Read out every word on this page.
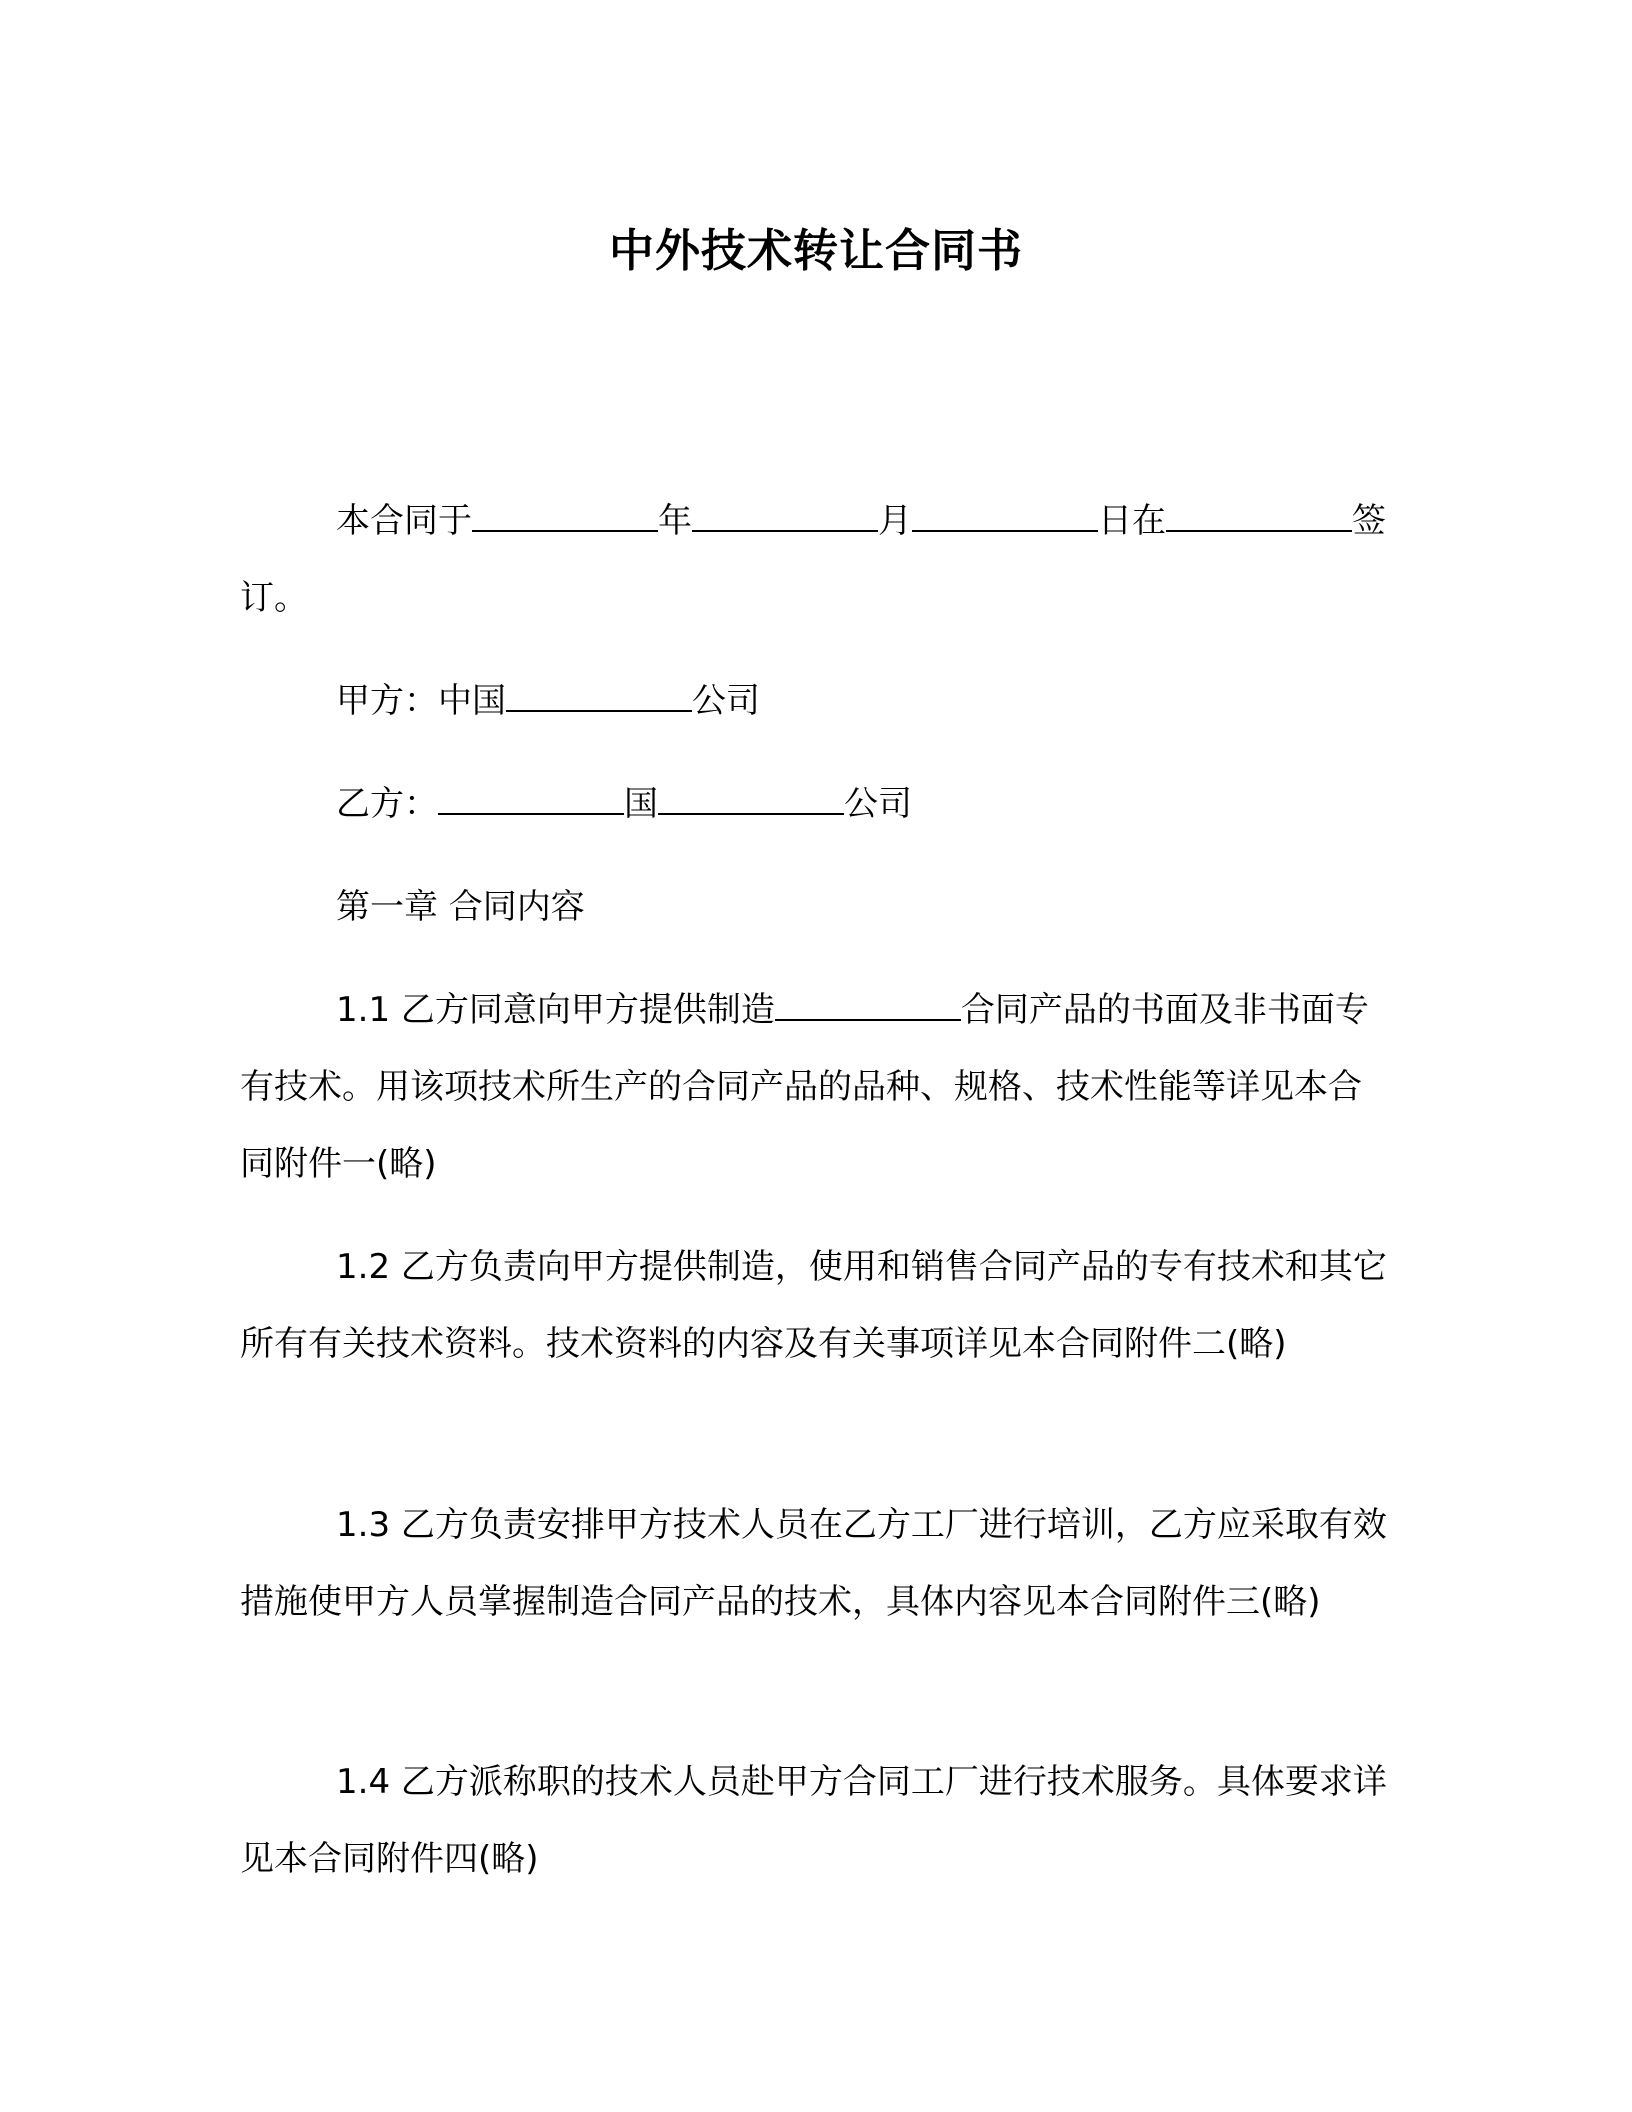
中外技术转让合同书

本合同于	年	月	日在	签订。

甲方：中国	公司

乙方：	国	公司

第一章 合同内容

1.1 乙方同意向甲方提供制造	合同产品的书面及非书面专有技术。用该项技术所生产的合同产品的品种、规格、技术性能等详见本合同附件一(略)

1.2 乙方负责向甲方提供制造，使用和销售合同产品的专有技术和其它所有有关技术资料。技术资料的内容及有关事项详见本合同附件二(略)

1.3 乙方负责安排甲方技术人员在乙方工厂进行培训，乙方应采取有效措施使甲方人员掌握制造合同产品的技术，具体内容见本合同附件三(略)

1.4 乙方派称职的技术人员赴甲方合同工厂进行技术服务。具体要求详见本合同附件四(略)
